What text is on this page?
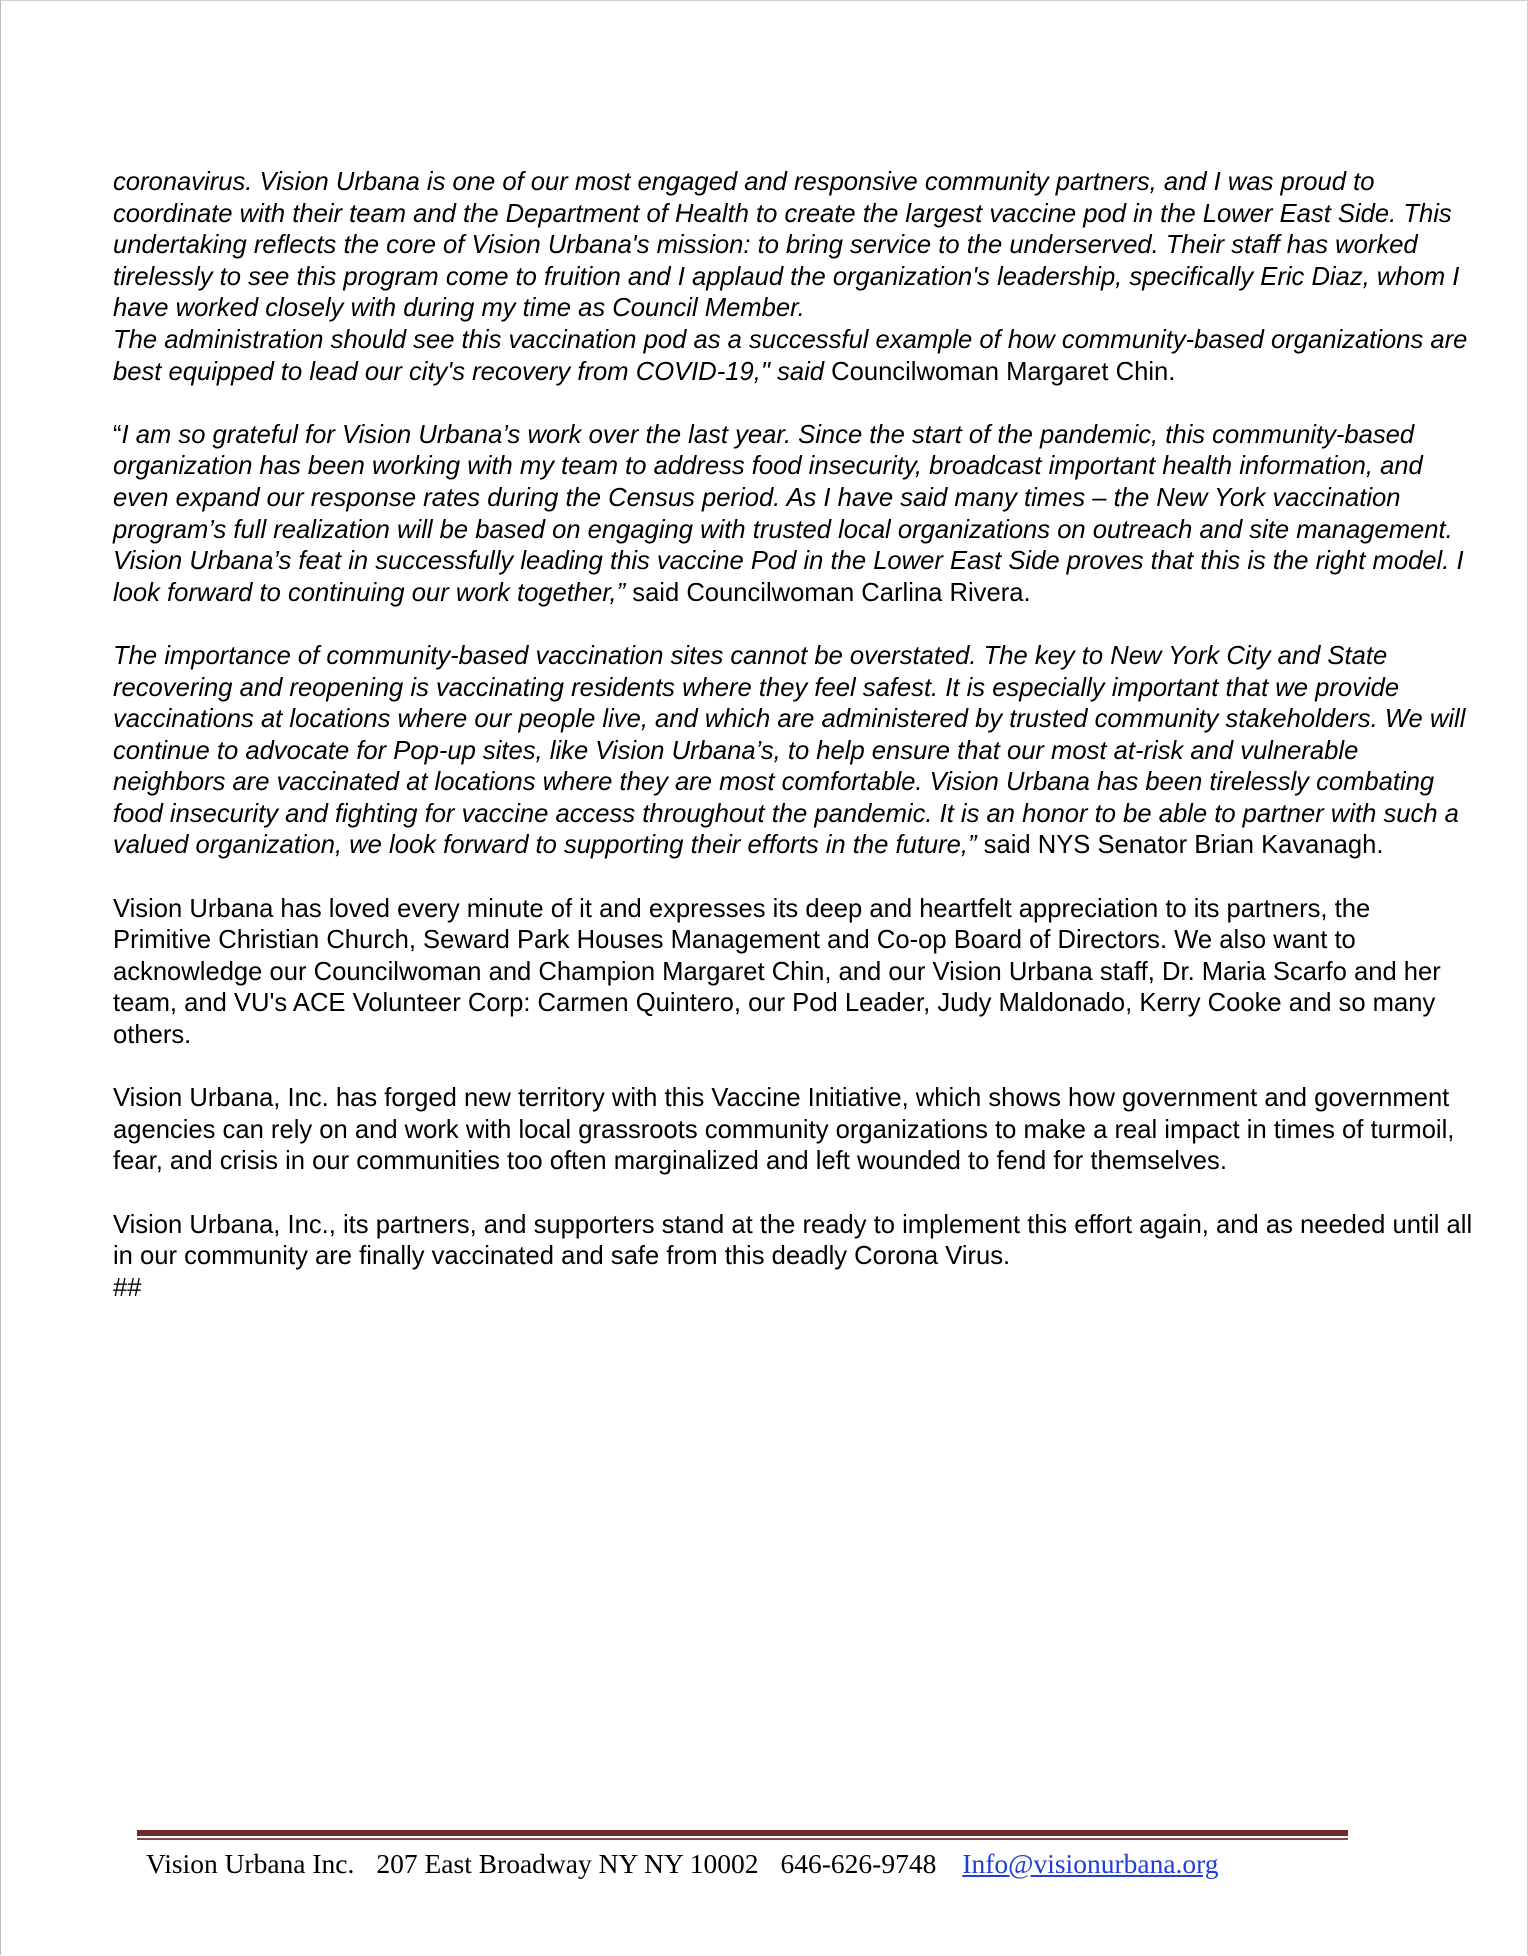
coronavirus. Vision Urbana is one of our most engaged and responsive community partners, and I was proud to coordinate with their team and the Department of Health to create the largest vaccine pod in the Lower East Side. This undertaking reflects the core of Vision Urbana's mission: to bring service to the underserved. Their staff has worked tirelessly to see this program come to fruition and I applaud the organization's leadership, specifically Eric Diaz, whom I have worked closely with during my time as Council Member.
The administration should see this vaccination pod as a successful example of how community-based organizations are best equipped to lead our city's recovery from COVID-19," said Councilwoman Margaret Chin.

“I am so grateful for Vision Urbana’s work over the last year. Since the start of the pandemic, this community-based organization has been working with my team to address food insecurity, broadcast important health information, and even expand our response rates during the Census period. As I have said many times – the New York vaccination program’s full realization will be based on engaging with trusted local organizations on outreach and site management. Vision Urbana’s feat in successfully leading this vaccine Pod in the Lower East Side proves that this is the right model. I look forward to continuing our work together,” said Councilwoman Carlina Rivera.

The importance of community-based vaccination sites cannot be overstated. The key to New York City and State recovering and reopening is vaccinating residents where they feel safest. It is especially important that we provide vaccinations at locations where our people live, and which are administered by trusted community stakeholders. We will continue to advocate for Pop-up sites, like Vision Urbana’s, to help ensure that our most at-risk and vulnerable neighbors are vaccinated at locations where they are most comfortable. Vision Urbana has been tirelessly combating food insecurity and fighting for vaccine access throughout the pandemic. It is an honor to be able to partner with such a valued organization, we look forward to supporting their efforts in the future,” said NYS Senator Brian Kavanagh.

Vision Urbana has loved every minute of it and expresses its deep and heartfelt appreciation to its partners, the Primitive Christian Church, Seward Park Houses Management and Co-op Board of Directors. We also want to acknowledge our Councilwoman and Champion Margaret Chin, and our Vision Urbana staff, Dr. Maria Scarfo and her team, and VU's ACE Volunteer Corp: Carmen Quintero, our Pod Leader, Judy Maldonado, Kerry Cooke and so many others.

Vision Urbana, Inc. has forged new territory with this Vaccine Initiative, which shows how government and government agencies can rely on and work with local grassroots community organizations to make a real impact in times of turmoil, fear, and crisis in our communities too often marginalized and left wounded to fend for themselves.

Vision Urbana, Inc., its partners, and supporters stand at the ready to implement this effort again, and as needed until all in our community are finally vaccinated and safe from this deadly Corona Virus.

##

Vision Urbana Inc. 207 East Broadway NY NY 10002 646-626-9748 Info@visionurbana.org
